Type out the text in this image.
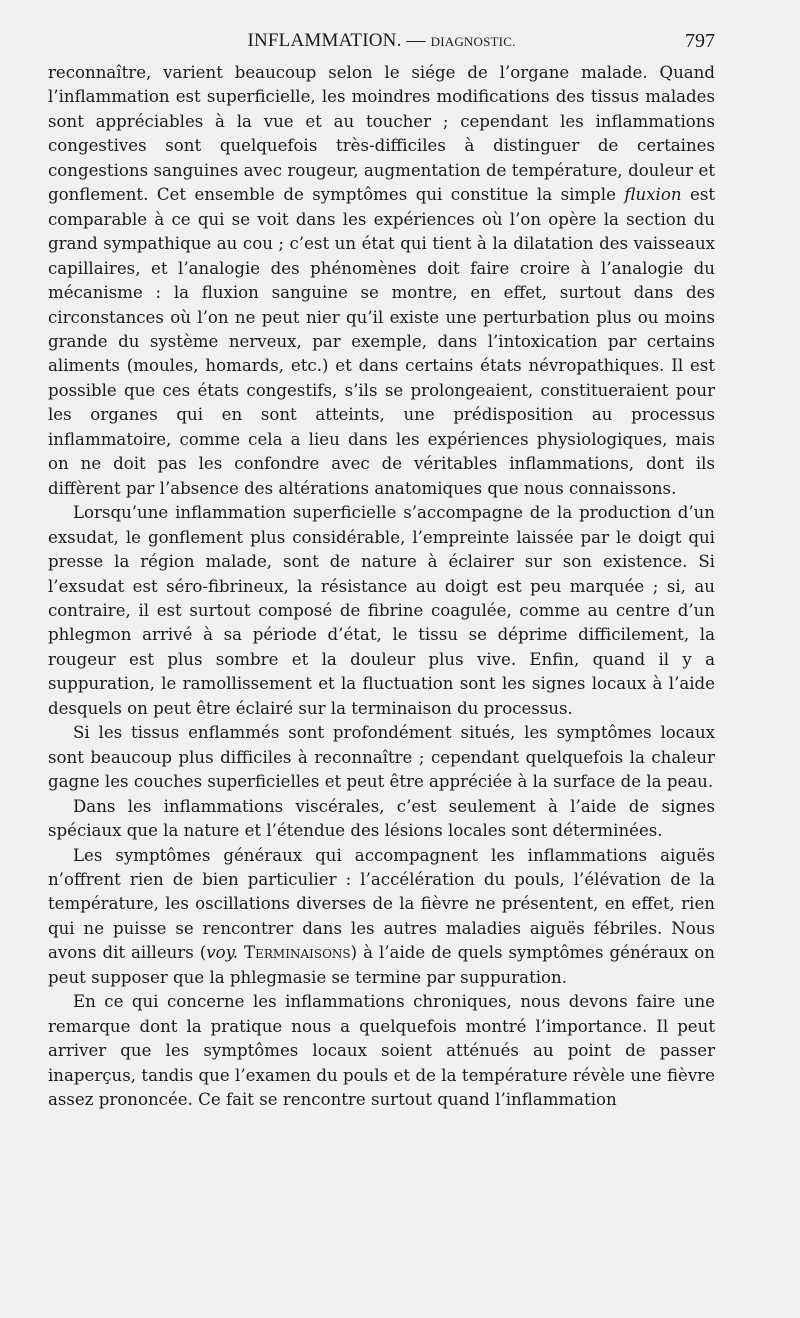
INFLAMMATION. — DIAGNOSTIC.	797

reconnaître, varient beaucoup selon le siége de l’organe malade. Quand l’inflammation est superficielle, les moindres modifications des tissus malades sont appréciables à la vue et au toucher ; cependant les inflammations congestives sont quelquefois très-difficiles à distinguer de certaines congestions sanguines avec rougeur, augmentation de température, douleur et gonflement. Cet ensemble de symptômes qui constitue la simple fluxion est comparable à ce qui se voit dans les expériences où l’on opère la section du grand sympathique au cou ; c’est un état qui tient à la dilatation des vaisseaux capillaires, et l’analogie des phénomènes doit faire croire à l’analogie du mécanisme : la fluxion sanguine se montre, en effet, surtout dans des circonstances où l’on ne peut nier qu’il existe une perturbation plus ou moins grande du système nerveux, par exemple, dans l’intoxication par certains aliments (moules, homards, etc.) et dans certains états névropathiques. Il est possible que ces états congestifs, s’ils se prolongeaient, constitueraient pour les organes qui en sont atteints, une prédisposition au processus inflammatoire, comme cela a lieu dans les expériences physiologiques, mais on ne doit pas les confondre avec de véritables inflammations, dont ils diffèrent par l’absence des altérations anatomiques que nous connaissons.

Lorsqu’une inflammation superficielle s’accompagne de la production d’un exsudat, le gonflement plus considérable, l’empreinte laissée par le doigt qui presse la région malade, sont de nature à éclairer sur son existence. Si l’exsudat est séro-fibrineux, la résistance au doigt est peu marquée ; si, au contraire, il est surtout composé de fibrine coagulée, comme au centre d’un phlegmon arrivé à sa période d’état, le tissu se déprime difficilement, la rougeur est plus sombre et la douleur plus vive. Enfin, quand il y a suppuration, le ramollissement et la fluctuation sont les signes locaux à l’aide desquels on peut être éclairé sur la terminaison du processus.

Si les tissus enflammés sont profondément situés, les symptômes locaux sont beaucoup plus difficiles à reconnaître ; cependant quelquefois la chaleur gagne les couches superficielles et peut être appréciée à la surface de la peau.

Dans les inflammations viscérales, c’est seulement à l’aide de signes spéciaux que la nature et l’étendue des lésions locales sont déterminées.

Les symptômes généraux qui accompagnent les inflammations aiguës n’offrent rien de bien particulier : l’accélération du pouls, l’élévation de la température, les oscillations diverses de la fièvre ne présentent, en effet, rien qui ne puisse se rencontrer dans les autres maladies aiguës fébriles. Nous avons dit ailleurs (voy. Terminaisons) à l’aide de quels symptômes généraux on peut supposer que la phlegmasie se termine par suppuration.

En ce qui concerne les inflammations chroniques, nous devons faire une remarque dont la pratique nous a quelquefois montré l’importance. Il peut arriver que les symptômes locaux soient atténués au point de passer inaperçus, tandis que l’examen du pouls et de la température révèle une fièvre assez prononcée. Ce fait se rencontre surtout quand l’inflammation
